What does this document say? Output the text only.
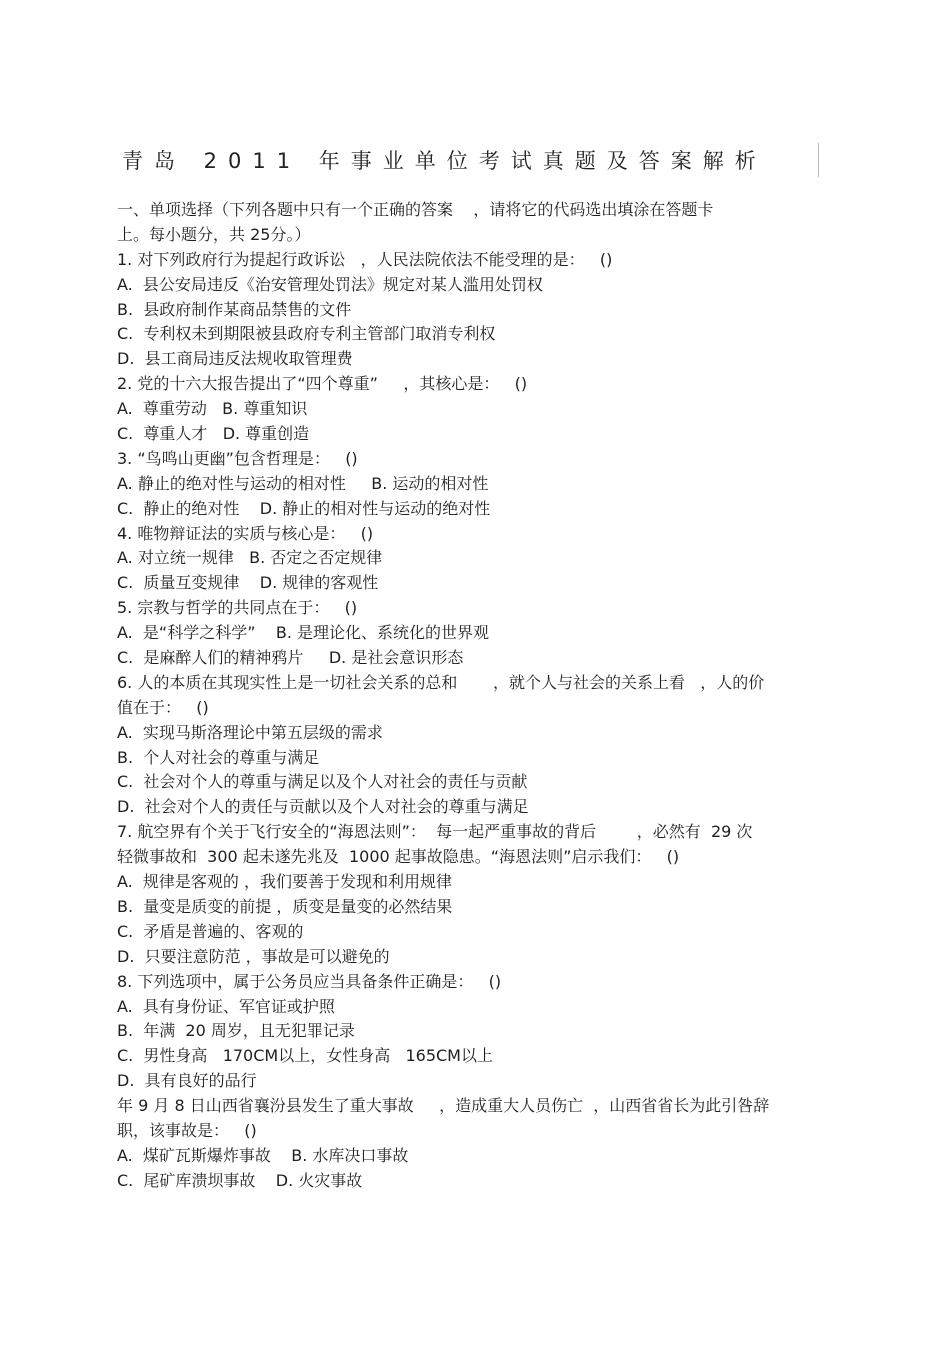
青岛 2011 年事业单位考试真题及答案解析
一、单项选择（下列各题中只有一个正确的答案    ，请将它的代码选出填涂在答题卡
上。每小题分，共 25分。）
1. 对下列政府行为提起行政诉讼   ，人民法院依法不能受理的是：   ()
A.  县公安局违反《治安管理处罚法》规定对某人滥用处罚权
B.  县政府制作某商品禁售的文件
C.  专利权未到期限被县政府专利主管部门取消专利权
D.  县工商局违反法规收取管理费
2. 党的十六大报告提出了“四个尊重”     ，其核心是：   ()
A.  尊重劳动   B. 尊重知识
C.  尊重人才   D. 尊重创造
3. “鸟鸣山更幽”包含哲理是：   ()
A. 静止的绝对性与运动的相对性     B. 运动的相对性
C.  静止的绝对性    D. 静止的相对性与运动的绝对性
4. 唯物辩证法的实质与核心是：   ()
A. 对立统一规律   B. 否定之否定规律
C.  质量互变规律    D. 规律的客观性
5. 宗教与哲学的共同点在于：   ()
A.  是“科学之科学”    B. 是理论化、系统化的世界观
C.  是麻醉人们的精神鸦片     D. 是社会意识形态
6. 人的本质在其现实性上是一切社会关系的总和       ，就个人与社会的关系上看   ，人的价
值在于：   ()
A.  实现马斯洛理论中第五层级的需求
B.  个人对社会的尊重与满足
C.  社会对个人的尊重与满足以及个人对社会的责任与贡献
D.  社会对个人的责任与贡献以及个人对社会的尊重与满足
7. 航空界有个关于飞行安全的“海恩法则”：  每一起严重事故的背后        ，必然有  29 次
轻微事故和  300 起未遂先兆及  1000 起事故隐患。“海恩法则”启示我们：   ()
A.  规律是客观的 ，我们要善于发现和利用规律
B.  量变是质变的前提 ，质变是量变的必然结果
C.  矛盾是普遍的、客观的
D.  只要注意防范 ，事故是可以避免的
8. 下列选项中，属于公务员应当具备条件正确是：   ()
A.  具有身份证、军官证或护照
B.  年满  20 周岁，且无犯罪记录
C.  男性身高   170CM以上，女性身高   165CM以上
D.  具有良好的品行
年 9 月 8 日山西省襄汾县发生了重大事故     ，造成重大人员伤亡  ，山西省省长为此引咎辞
职，该事故是：   ()
A.  煤矿瓦斯爆炸事故    B. 水库决口事故
C.  尾矿库溃坝事故    D. 火灾事故
